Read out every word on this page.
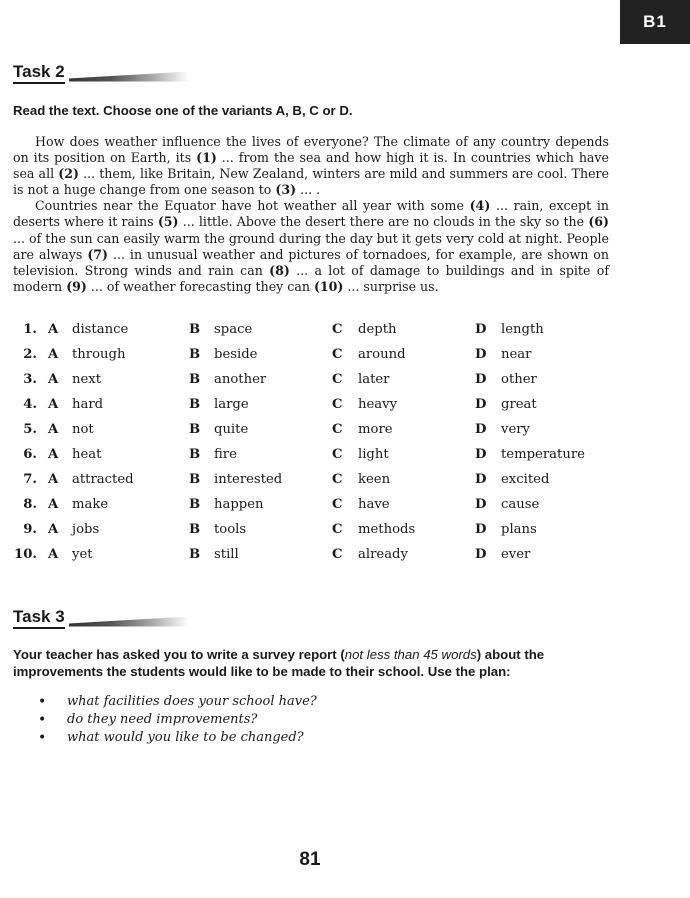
B1
Task 2
Read the text. Choose one of the variants A, B, C or D.

How does weather influence the lives of everyone? The climate of any country depends on its position on Earth, its (1) ... from the sea and how high it is. In countries which have sea all (2) ... them, like Britain, New Zealand, winters are mild and summers are cool. There is not a huge change from one season to (3) ... .

Countries near the Equator have hot weather all year with some (4) ... rain, except in deserts where it rains (5) ... little. Above the desert there are no clouds in the sky so the (6) ... of the sun can easily warm the ground during the day but it gets very cold at night. People are always (7) ... in unusual weather and pictures of tornadoes, for example, are shown on television. Strong winds and rain can (8) ... a lot of damage to buildings and in spite of modern (9) ... of weather forecasting they can (10) ... surprise us.

1. A distance	B space	C depth	D length
2. A through	B beside	C around	D near
3. A next	B another	C later	D other
4. A hard	B large	C heavy	D great
5. A not	B quite	C more	D very
6. A heat	B fire	C light	D temperature
7. A attracted	B interested	C keen	D excited
8. A make	B happen	C have	D cause
9. A jobs	B tools	C methods	D plans
10. A yet	B still	C already	D ever
Task 3
Your teacher has asked you to write a survey report (not less than 45 words) about the improvements the students would like to be made to their school. Use the plan:
• what facilities does your school have?
• do they need improvements?
• what would you like to be changed?
81
